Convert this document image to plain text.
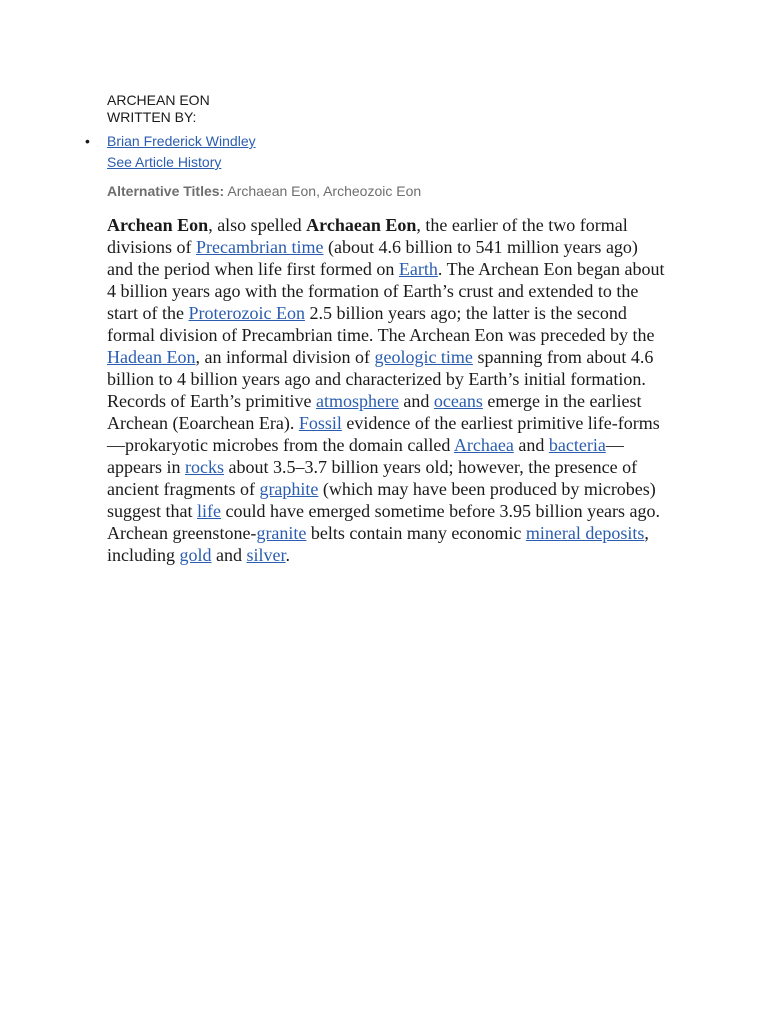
ARCHEAN EON
WRITTEN BY:
• Brian Frederick Windley
See Article History
Alternative Titles: Archaean Eon, Archeozoic Eon
Archean Eon, also spelled Archaean Eon, the earlier of the two formal divisions of Precambrian time (about 4.6 billion to 541 million years ago) and the period when life first formed on Earth. The Archean Eon began about 4 billion years ago with the formation of Earth’s crust and extended to the start of the Proterozoic Eon 2.5 billion years ago; the latter is the second formal division of Precambrian time. The Archean Eon was preceded by the Hadean Eon, an informal division of geologic time spanning from about 4.6 billion to 4 billion years ago and characterized by Earth’s initial formation. Records of Earth’s primitive atmosphere and oceans emerge in the earliest Archean (Eoarchean Era). Fossil evidence of the earliest primitive life-forms—prokaryotic microbes from the domain called Archaea and bacteria—appears in rocks about 3.5–3.7 billion years old; however, the presence of ancient fragments of graphite (which may have been produced by microbes) suggest that life could have emerged sometime before 3.95 billion years ago. Archean greenstone-granite belts contain many economic mineral deposits, including gold and silver.
